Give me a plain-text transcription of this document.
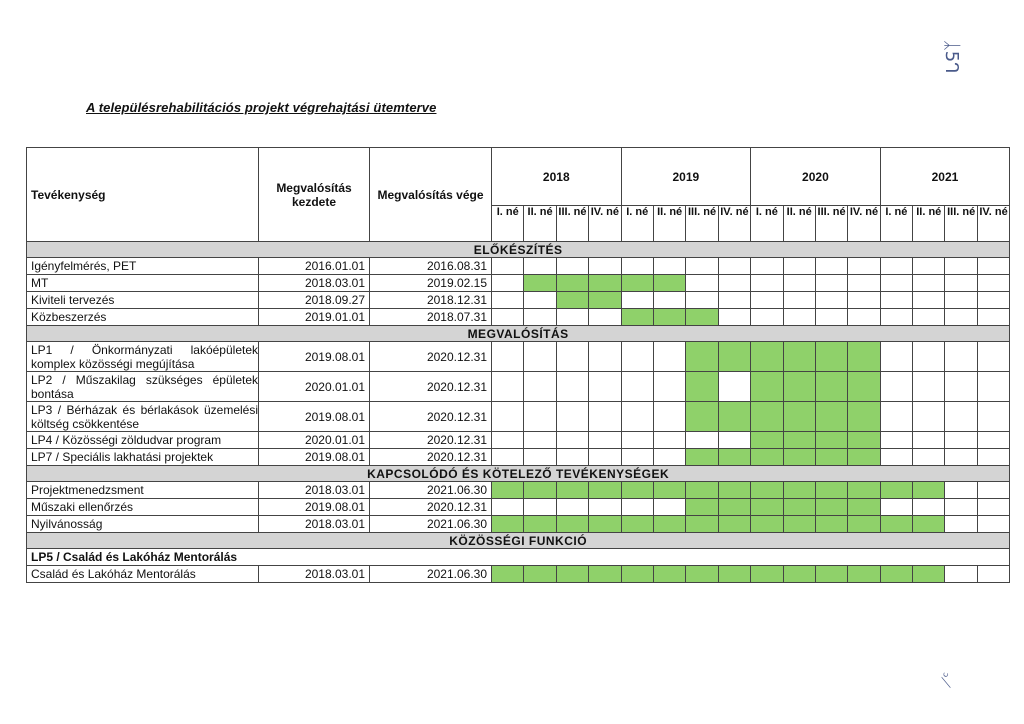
A településrehabilitációs projekt végrehajtási ütemterve
Tevékenység	Megvalósítás kezdete	Megvalósítás vége	2018				2019				2020				2021			
			I. né	II. né	III. né	IV. né	I. né	II. né	III. né	IV. né	I. né	II. né	III. né	IV. né	I. né	II. né	III. né	IV. né
ELŐKÉSZÍTÉS																		
Igényfelmérés, PET	2016.01.01	2016.08.31																
MT	2018.03.01	2019.02.15																
Kiviteli tervezés	2018.09.27	2018.12.31																
Közbeszerzés	2019.01.01	2018.07.31																
MEGVALÓSÍTÁS																		
LP1 / Önkormányzati lakóépületek komplex közösségi megújítása	2019.08.01	2020.12.31																
LP2 / Műszakilag szükséges épületek bontása	2020.01.01	2020.12.31																
LP3 / Bérházak és bérlakások üzemelési költség csökkentése	2019.08.01	2020.12.31																
LP4 / Közösségi zöldudvar program	2020.01.01	2020.12.31																
LP7 / Speciális lakhatási projektek	2019.08.01	2020.12.31																
KAPCSOLÓDÓ ÉS KÖTELEZŐ TEVÉKENYSÉGEK																		
Projektmenedzsment	2018.03.01	2021.06.30																
Műszaki ellenőrzés	2019.08.01	2020.12.31																
Nyilvánosság	2018.03.01	2021.06.30																
KÖZÖSSÉGI FUNKCIÓ																		
LP5 / Család és Lakóház Mentorálás																		
Család és Lakóház Mentorálás	2018.03.01	2021.06.30																
ᛣ5ᒉ
⟋ᶜ
